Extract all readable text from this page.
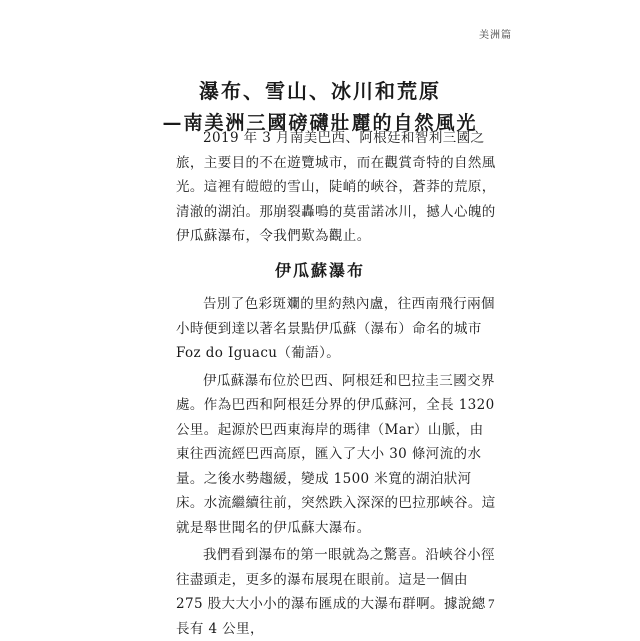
美洲篇
瀑布、雪山、冰川和荒原
—南美洲三國磅礴壯麗的自然風光

2019 年 3 月南美巴西、阿根廷和智利三國之旅，主要目的不在遊覽城市，而在觀賞奇特的自然風光。這裡有皚皚的雪山，陡峭的峽谷，蒼莽的荒原，清澈的湖泊。那崩裂轟鳴的莫雷諾冰川，撼人心魄的伊瓜蘇瀑布，令我們歎為觀止。

伊瓜蘇瀑布

告別了色彩斑斕的里約熱內盧，往西南飛行兩個小時便到達以著名景點伊瓜蘇（瀑布）命名的城市 Foz do Iguacu（葡語）。

伊瓜蘇瀑布位於巴西、阿根廷和巴拉圭三國交界處。作為巴西和阿根廷分界的伊瓜蘇河，全長 1320 公里。起源於巴西東海岸的瑪律（Mar）山脈，由東往西流經巴西高原，匯入了大小 30 條河流的水量。之後水勢趨緩，變成 1500 米寬的湖泊狀河床。水流繼續往前，突然跌入深深的巴拉那峽谷。這就是舉世聞名的伊瓜蘇大瀑布。

我們看到瀑布的第一眼就為之驚喜。沿峽谷小徑往盡頭走，更多的瀑布展現在眼前。這是一個由 275 股大大小小的瀑布匯成的大瀑布群啊。據說總長有 4 公里，

7
